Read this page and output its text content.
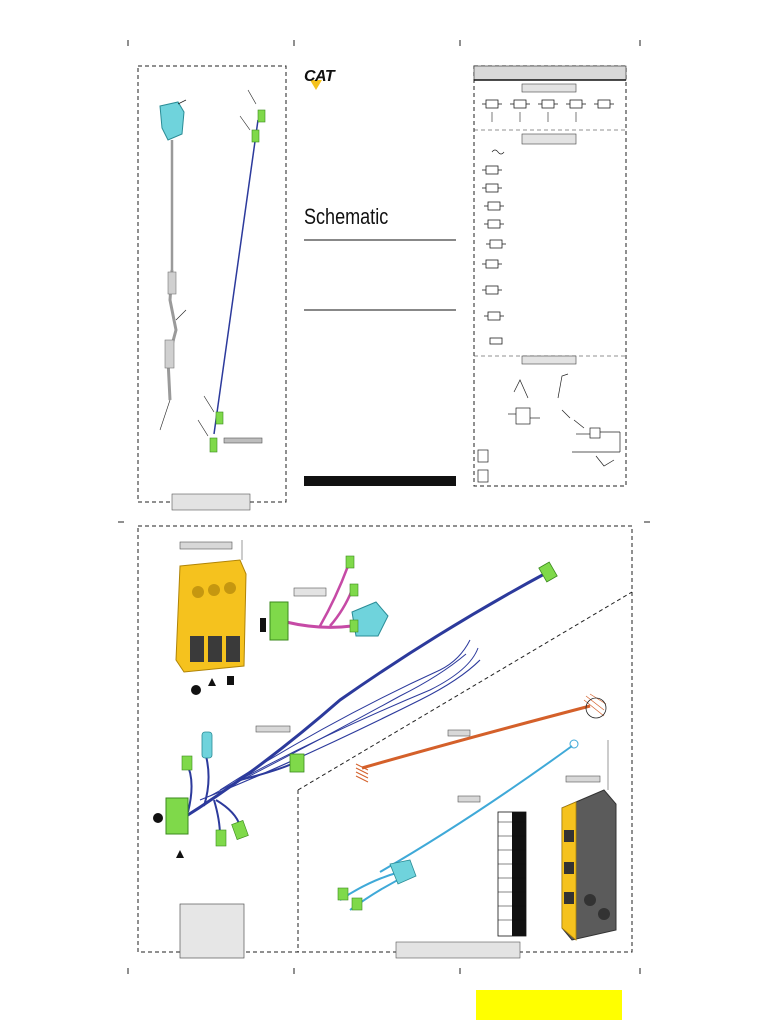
CAT
Schematic
